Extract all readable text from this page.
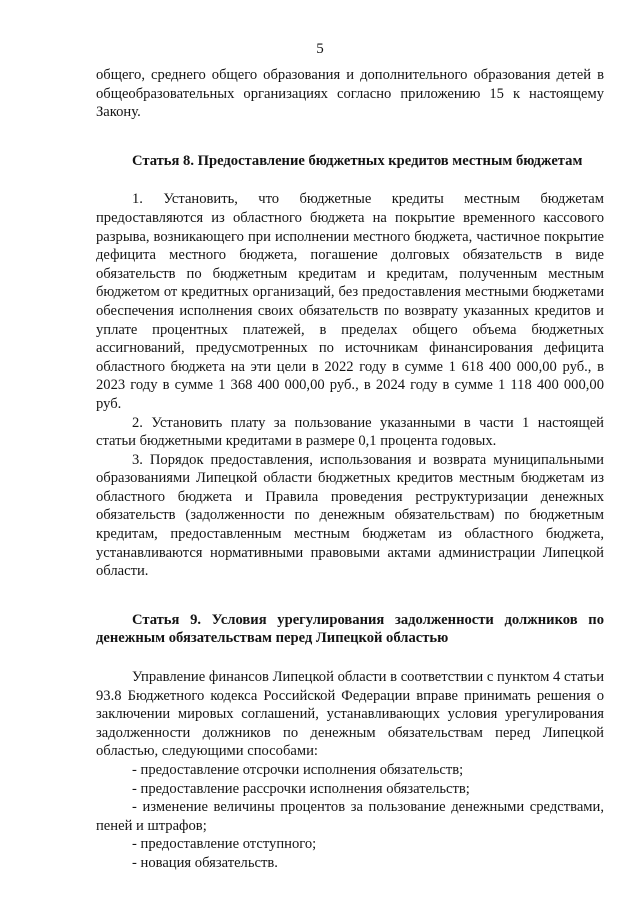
5

общего, среднего общего образования и дополнительного образования детей в общеобразовательных организациях согласно приложению 15 к настоящему Закону.

Статья 8. Предоставление бюджетных кредитов местным бюджетам

1. Установить, что бюджетные кредиты местным бюджетам предоставляются из областного бюджета на покрытие временного кассового разрыва, возникающего при исполнении местного бюджета, частичное покрытие дефицита местного бюджета, погашение долговых обязательств в виде обязательств по бюджетным кредитам и кредитам, полученным местным бюджетом от кредитных организаций, без предоставления местными бюджетами обеспечения исполнения своих обязательств по возврату указанных кредитов и уплате процентных платежей, в пределах общего объема бюджетных ассигнований, предусмотренных по источникам финансирования дефицита областного бюджета на эти цели в 2022 году в сумме 1 618 400 000,00 руб., в 2023 году в сумме 1 368 400 000,00 руб., в 2024 году в сумме 1 118 400 000,00 руб.

2. Установить плату за пользование указанными в части 1 настоящей статьи бюджетными кредитами в размере 0,1 процента годовых.

3. Порядок предоставления, использования и возврата муниципальными образованиями Липецкой области бюджетных кредитов местным бюджетам из областного бюджета и Правила проведения реструктуризации денежных обязательств (задолженности по денежным обязательствам) по бюджетным кредитам, предоставленным местным бюджетам из областного бюджета, устанавливаются нормативными правовыми актами администрации Липецкой области.

Статья 9. Условия урегулирования задолженности должников по денежным обязательствам перед Липецкой областью

Управление финансов Липецкой области в соответствии с пунктом 4 статьи 93.8 Бюджетного кодекса Российской Федерации вправе принимать решения о заключении мировых соглашений, устанавливающих условия урегулирования задолженности должников по денежным обязательствам перед Липецкой областью, следующими способами:

- предоставление отсрочки исполнения обязательств;

- предоставление рассрочки исполнения обязательств;

- изменение величины процентов за пользование денежными средствами, пеней и штрафов;

- предоставление отступного;

- новация обязательств.
